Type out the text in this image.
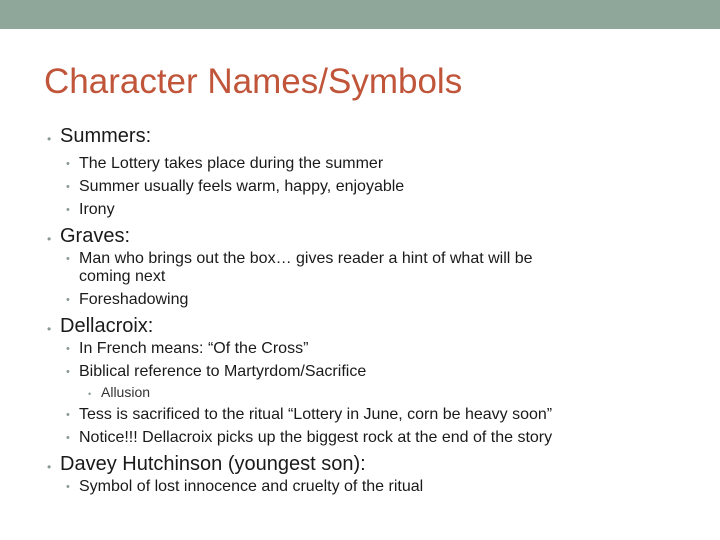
Character Names/Symbols
• Summers:
• The Lottery takes place during the summer
• Summer usually feels warm, happy, enjoyable
• Irony
• Graves:
• Man who brings out the box… gives reader a hint of what will be
coming next
• Foreshadowing
• Dellacroix:
• In French means: “Of the Cross”
• Biblical reference to Martyrdom/Sacrifice
• Allusion
• Tess is sacrificed to the ritual “Lottery in June, corn be heavy soon”
• Notice!!! Dellacroix picks up the biggest rock at the end of the story
• Davey Hutchinson (youngest son):
• Symbol of lost innocence and cruelty of the ritual
